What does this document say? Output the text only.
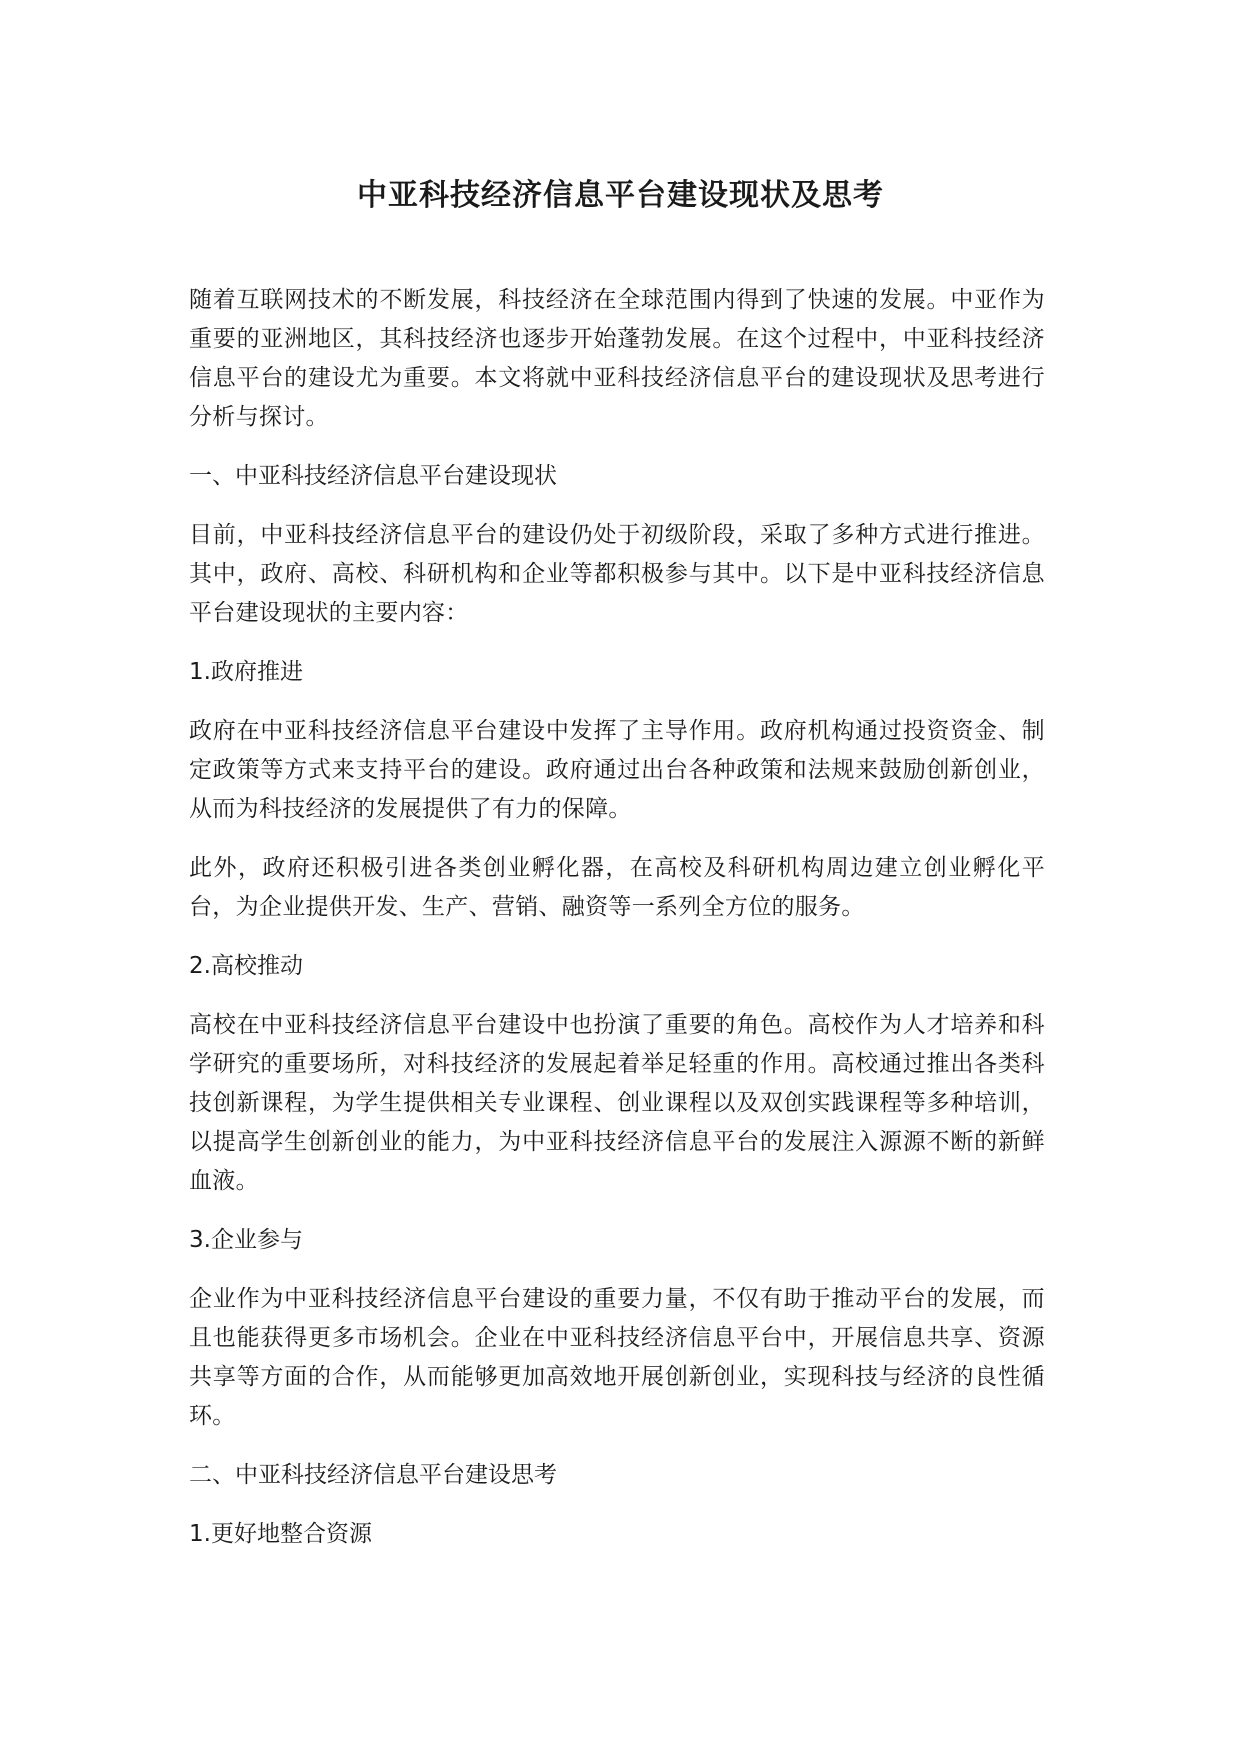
中亚科技经济信息平台建设现状及思考

随着互联网技术的不断发展，科技经济在全球范围内得到了快速的发展。中亚作为重要的亚洲地区，其科技经济也逐步开始蓬勃发展。在这个过程中，中亚科技经济信息平台的建设尤为重要。本文将就中亚科技经济信息平台的建设现状及思考进行分析与探讨。

一、中亚科技经济信息平台建设现状

目前，中亚科技经济信息平台的建设仍处于初级阶段，采取了多种方式进行推进。其中，政府、高校、科研机构和企业等都积极参与其中。以下是中亚科技经济信息平台建设现状的主要内容：

1.政府推进

政府在中亚科技经济信息平台建设中发挥了主导作用。政府机构通过投资资金、制定政策等方式来支持平台的建设。政府通过出台各种政策和法规来鼓励创新创业，从而为科技经济的发展提供了有力的保障。

此外，政府还积极引进各类创业孵化器，在高校及科研机构周边建立创业孵化平台，为企业提供开发、生产、营销、融资等一系列全方位的服务。

2.高校推动

高校在中亚科技经济信息平台建设中也扮演了重要的角色。高校作为人才培养和科学研究的重要场所，对科技经济的发展起着举足轻重的作用。高校通过推出各类科技创新课程，为学生提供相关专业课程、创业课程以及双创实践课程等多种培训，以提高学生创新创业的能力，为中亚科技经济信息平台的发展注入源源不断的新鲜血液。

3.企业参与

企业作为中亚科技经济信息平台建设的重要力量，不仅有助于推动平台的发展，而且也能获得更多市场机会。企业在中亚科技经济信息平台中，开展信息共享、资源共享等方面的合作，从而能够更加高效地开展创新创业，实现科技与经济的良性循环。

二、中亚科技经济信息平台建设思考

1.更好地整合资源
